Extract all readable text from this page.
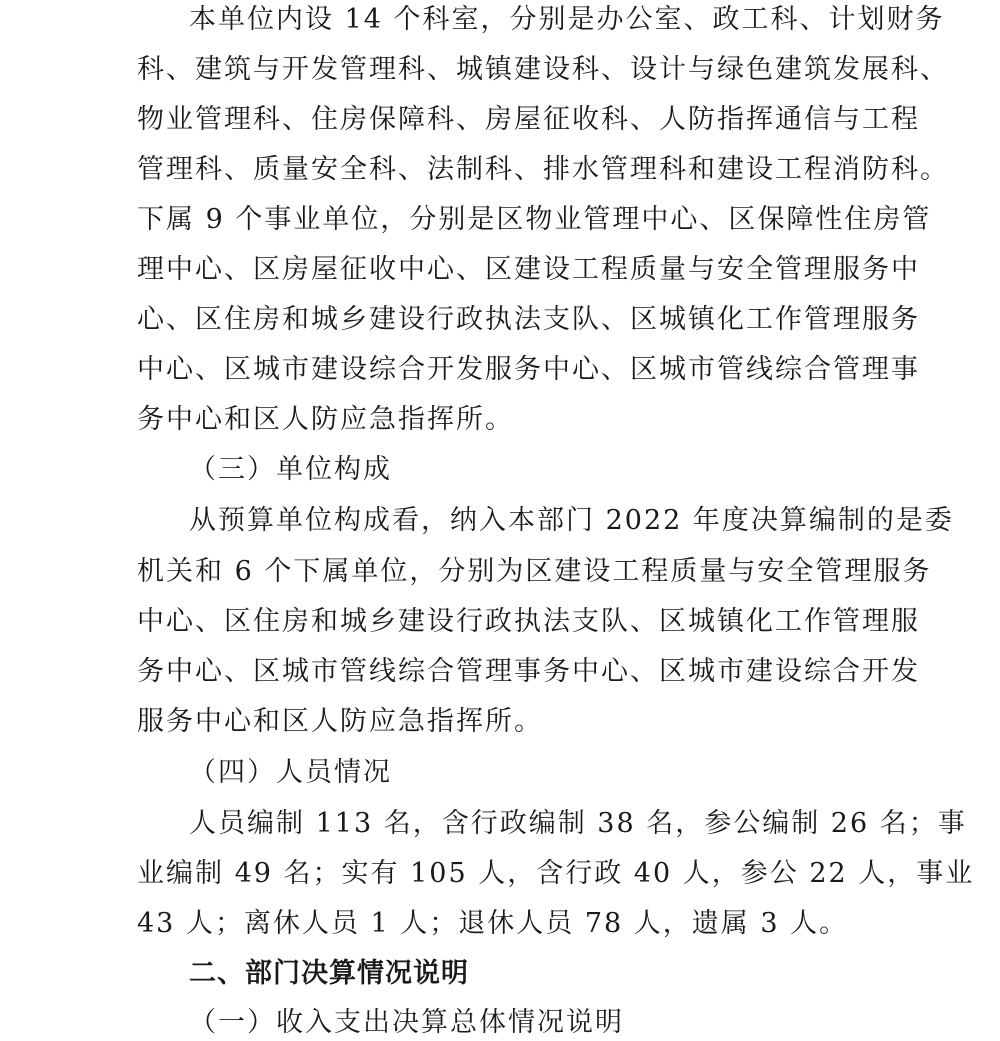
本单位内设 14 个科室，分别是办公室、政工科、计划财务
科、建筑与开发管理科、城镇建设科、设计与绿色建筑发展科、
物业管理科、住房保障科、房屋征收科、人防指挥通信与工程
管理科、质量安全科、法制科、排水管理科和建设工程消防科。
下属 9 个事业单位，分别是区物业管理中心、区保障性住房管
理中心、区房屋征收中心、区建设工程质量与安全管理服务中
心、区住房和城乡建设行政执法支队、区城镇化工作管理服务
中心、区城市建设综合开发服务中心、区城市管线综合管理事
务中心和区人防应急指挥所。
（三）单位构成
从预算单位构成看，纳入本部门 2022 年度决算编制的是委
机关和 6 个下属单位，分别为区建设工程质量与安全管理服务
中心、区住房和城乡建设行政执法支队、区城镇化工作管理服
务中心、区城市管线综合管理事务中心、区城市建设综合开发
服务中心和区人防应急指挥所。
（四）人员情况
人员编制 113 名，含行政编制 38 名，参公编制 26 名；事
业编制 49 名；实有 105 人，含行政 40 人，参公 22 人，事业
43 人；离休人员 1 人；退休人员 78 人，遗属 3 人。
二、部门决算情况说明
（一）收入支出决算总体情况说明
